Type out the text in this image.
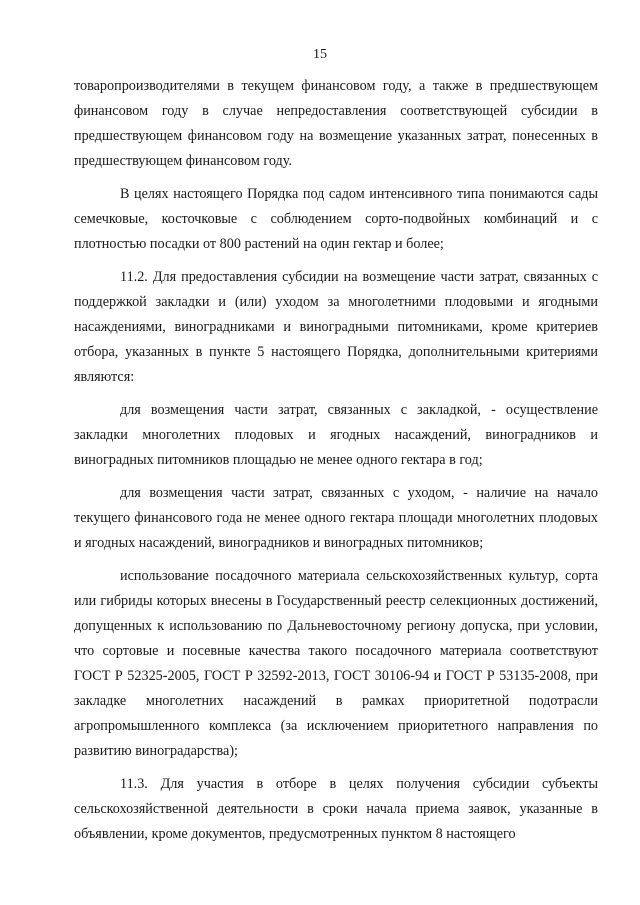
15

товаропроизводителями в текущем финансовом году, а также в предшествующем финансовом году в случае непредоставления соответствующей субсидии в предшествующем финансовом году на возмещение указанных затрат, понесенных в предшествующем финансовом году.

В целях настоящего Порядка под садом интенсивного типа понимаются сады семечковые, косточковые с соблюдением сорто-подвойных комбинаций и с плотностью посадки от 800 растений на один гектар и более;

11.2. Для предоставления субсидии на возмещение части затрат, связанных с поддержкой закладки и (или) уходом за многолетними плодовыми и ягодными насаждениями, виноградниками и виноградными питомниками, кроме критериев отбора, указанных в пункте 5 настоящего Порядка, дополнительными критериями являются:

для возмещения части затрат, связанных с закладкой, - осуществление закладки многолетних плодовых и ягодных насаждений, виноградников и виноградных питомников площадью не менее одного гектара в год;

для возмещения части затрат, связанных с уходом, - наличие на начало текущего финансового года не менее одного гектара площади многолетних плодовых и ягодных насаждений, виноградников и виноградных питомников;

использование посадочного материала сельскохозяйственных культур, сорта или гибриды которых внесены в Государственный реестр селекционных достижений, допущенных к использованию по Дальневосточному региону допуска, при условии, что сортовые и посевные качества такого посадочного материала соответствуют ГОСТ Р 52325-2005, ГОСТ Р 32592-2013, ГОСТ 30106-94 и ГОСТ Р 53135-2008, при закладке многолетних насаждений в рамках приоритетной подотрасли агропромышленного комплекса (за исключением приоритетного направления по развитию виноградарства);

11.3. Для участия в отборе в целях получения субсидии субъекты сельскохозяйственной деятельности в сроки начала приема заявок, указанные в объявлении, кроме документов, предусмотренных пунктом 8 настоящего
